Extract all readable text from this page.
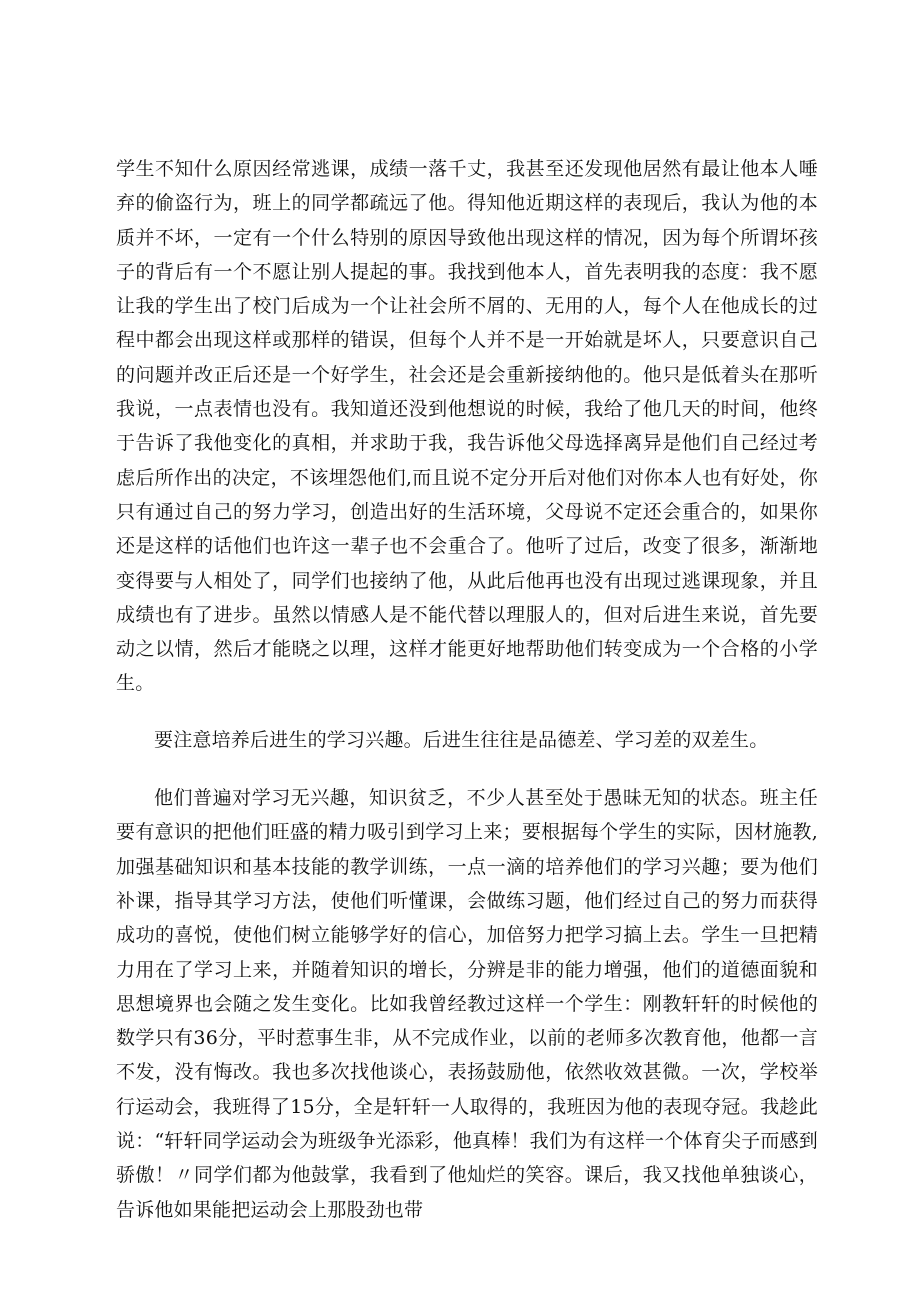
学生不知什么原因经常逃课，成绩一落千丈，我甚至还发现他居然有最让他本人唾弃的偷盗行为，班上的同学都疏远了他。得知他近期这样的表现后，我认为他的本质并不坏，一定有一个什么特别的原因导致他出现这样的情况，因为每个所谓坏孩子的背后有一个不愿让别人提起的事。我找到他本人，首先表明我的态度：我不愿让我的学生出了校门后成为一个让社会所不屑的、无用的人，每个人在他成长的过程中都会出现这样或那样的错误，但每个人并不是一开始就是坏人，只要意识自己的问题并改正后还是一个好学生，社会还是会重新接纳他的。他只是低着头在那听我说，一点表情也没有。我知道还没到他想说的时候，我给了他几天的时间，他终于告诉了我他变化的真相，并求助于我，我告诉他父母选择离异是他们自己经过考虑后所作出的决定，不该埋怨他们,而且说不定分开后对他们对你本人也有好处，你只有通过自己的努力学习，创造出好的生活环境，父母说不定还会重合的，如果你还是这样的话他们也许这一辈子也不会重合了。他听了过后，改变了很多，渐渐地变得要与人相处了，同学们也接纳了他，从此后他再也没有出现过逃课现象，并且成绩也有了进步。虽然以情感人是不能代替以理服人的，但对后进生来说，首先要动之以情，然后才能晓之以理，这样才能更好地帮助他们转变成为一个合格的小学生。

要注意培养后进生的学习兴趣。后进生往往是品德差、学习差的双差生。

他们普遍对学习无兴趣，知识贫乏，不少人甚至处于愚昧无知的状态。班主任要有意识的把他们旺盛的精力吸引到学习上来；要根据每个学生的实际，因材施教,加强基础知识和基本技能的教学训练，一点一滴的培养他们的学习兴趣；要为他们补课，指导其学习方法，使他们听懂课，会做练习题，他们经过自己的努力而获得成功的喜悦，使他们树立能够学好的信心，加倍努力把学习搞上去。学生一旦把精力用在了学习上来，并随着知识的增长，分辨是非的能力增强，他们的道德面貌和思想境界也会随之发生变化。比如我曾经教过这样一个学生：刚教轩轩的时候他的数学只有36分，平时惹事生非，从不完成作业，以前的老师多次教育他，他都一言不发，没有悔改。我也多次找他谈心，表扬鼓励他，依然收效甚微。一次，学校举行运动会，我班得了15分，全是轩轩一人取得的，我班因为他的表现夺冠。我趁此说：“轩轩同学运动会为班级争光添彩，他真棒！我们为有这样一个体育尖子而感到骄傲！〃同学们都为他鼓掌，我看到了他灿烂的笑容。课后，我又找他单独谈心，告诉他如果能把运动会上那股劲也带
